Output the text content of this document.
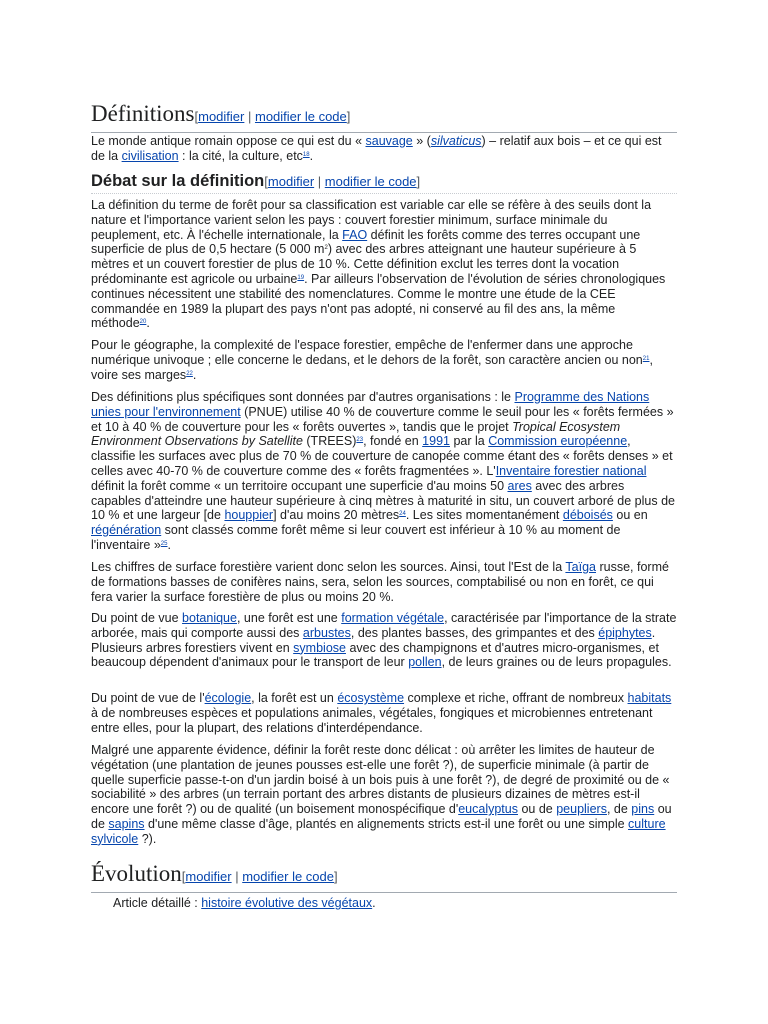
Définitions[modifier | modifier le code]

Le monde antique romain oppose ce qui est du « sauvage » (silvaticus) – relatif aux bois – et ce qui est de la civilisation : la cité, la culture, etc$^{18}$.

Débat sur la définition[modifier | modifier le code]

La définition du terme de forêt pour sa classification est variable car elle se réfère à des seuils dont la nature et l'importance varient selon les pays : couvert forestier minimum, surface minimale du peuplement, etc. À l'échelle internationale, la FAO définit les forêts comme des terres occupant une superficie de plus de 0,5 hectare (5 000 $m^2$) avec des arbres atteignant une hauteur supérieure à 5 mètres et un couvert forestier de plus de 10 %. Cette définition exclut les terres dont la vocation prédominante est agricole ou urbaine$^{19}$. Par ailleurs l'observation de l'évolution de séries chronologiques continues nécessitent une stabilité des nomenclatures. Comme le montre une étude de la CEE commandée en 1989 la plupart des pays n'ont pas adopté, ni conservé au fil des ans, la même méthode$^{20}$.

Pour le géographe, la complexité de l'espace forestier, empêche de l'enfermer dans une approche numérique univoque ; elle concerne le dedans, et le dehors de la forêt, son caractère ancien ou non$^{21}$, voire ses marges$^{22}$.

Des définitions plus spécifiques sont données par d'autres organisations : le Programme des Nations unies pour l'environnement (PNUE) utilise 40 % de couverture comme le seuil pour les « forêts fermées » et 10 à 40 % de couverture pour les « forêts ouvertes », tandis que le projet Tropical Ecosystem Environment Observations by Satellite (TREES)$^{23}$, fondé en 1991 par la Commission européenne, classifie les surfaces avec plus de 70 % de couverture de canopée comme étant des « forêts denses » et celles avec 40-70 % de couverture comme des « forêts fragmentées ». L'Inventaire forestier national définit la forêt comme « un territoire occupant une superficie d'au moins 50 ares avec des arbres capables d'atteindre une hauteur supérieure à cinq mètres à maturité in situ, un couvert arboré de plus de 10 % et une largeur [de houppier] d'au moins 20 mètres$^{24}$. Les sites momentanément déboisés ou en régénération sont classés comme forêt même si leur couvert est inférieur à 10 % au moment de l'inventaire »$^{25}$.

Les chiffres de surface forestière varient donc selon les sources. Ainsi, tout l'Est de la Taïga russe, formé de formations basses de conifères nains, sera, selon les sources, comptabilisé ou non en forêt, ce qui fera varier la surface forestière de plus ou moins 20 %.

Du point de vue botanique, une forêt est une formation végétale, caractérisée par l'importance de la strate arborée, mais qui comporte aussi des arbustes, des plantes basses, des grimpantes et des épiphytes. Plusieurs arbres forestiers vivent en symbiose avec des champignons et d'autres micro-organismes, et beaucoup dépendent d'animaux pour le transport de leur pollen, de leurs graines ou de leurs propagules.

Du point de vue de l'écologie, la forêt est un écosystème complexe et riche, offrant de nombreux habitats à de nombreuses espèces et populations animales, végétales, fongiques et microbiennes entretenant entre elles, pour la plupart, des relations d'interdépendance.

Malgré une apparente évidence, définir la forêt reste donc délicat : où arrêter les limites de hauteur de végétation (une plantation de jeunes pousses est-elle une forêt ?), de superficie minimale (à partir de quelle superficie passe-t-on d'un jardin boisé à un bois puis à une forêt ?), de degré de proximité ou de « sociabilité » des arbres (un terrain portant des arbres distants de plusieurs dizaines de mètres est-il encore une forêt ?) ou de qualité (un boisement monospécifique d'eucalyptus ou de peupliers, de pins ou de sapins d'une même classe d'âge, plantés en alignements stricts est-il une forêt ou une simple culture sylvicole ?).

Évolution[modifier | modifier le code]
Article détaillé : histoire évolutive des végétaux.
